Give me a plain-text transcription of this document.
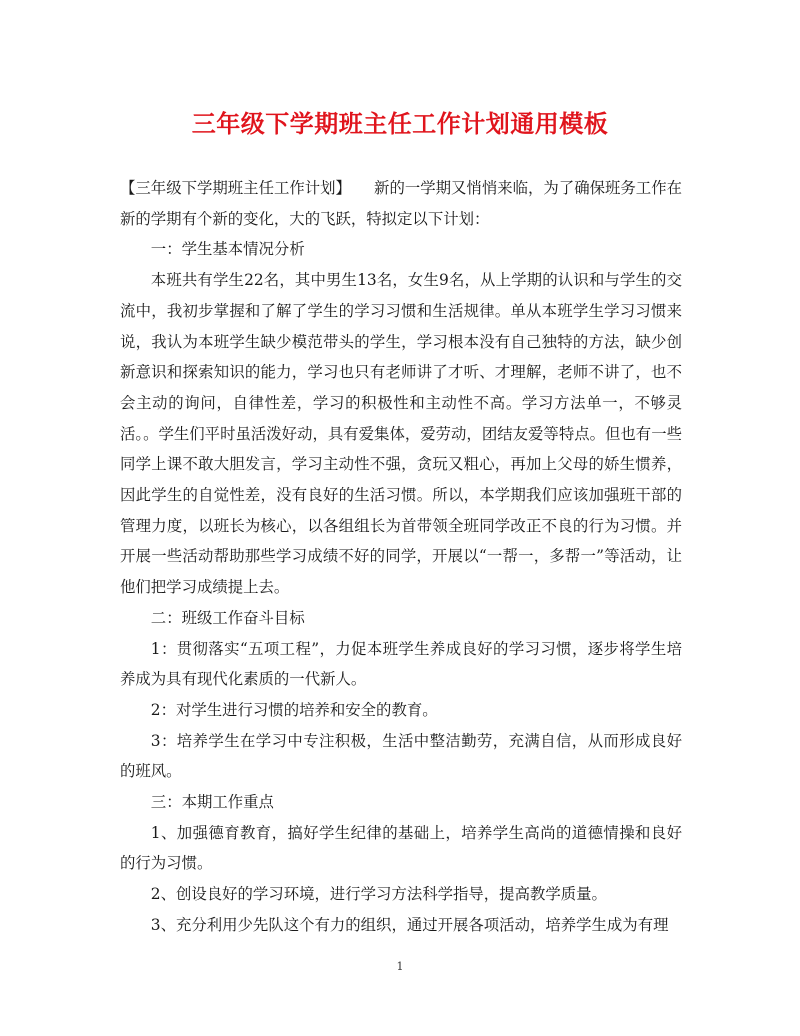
三年级下学期班主任工作计划通用模板

【三年级下学期班主任工作计划】　　新的一学期又悄悄来临，为了确保班务工作在新的学期有个新的变化，大的飞跃，特拟定以下计划：

一：学生基本情况分析

本班共有学生22名，其中男生13名，女生9名，从上学期的认识和与学生的交流中，我初步掌握和了解了学生的学习习惯和生活规律。单从本班学生学习习惯来说，我认为本班学生缺少模范带头的学生，学习根本没有自己独特的方法，缺少创新意识和探索知识的能力，学习也只有老师讲了才听、才理解，老师不讲了，也不会主动的询问，自律性差，学习的积极性和主动性不高。学习方法单一，不够灵活。。学生们平时虽活泼好动，具有爱集体，爱劳动，团结友爱等特点。但也有一些同学上课不敢大胆发言，学习主动性不强，贪玩又粗心，再加上父母的娇生惯养，因此学生的自觉性差，没有良好的生活习惯。所以，本学期我们应该加强班干部的管理力度，以班长为核心，以各组组长为首带领全班同学改正不良的行为习惯。并开展一些活动帮助那些学习成绩不好的同学，开展以“一帮一，多帮一”等活动，让他们把学习成绩提上去。

二：班级工作奋斗目标

1：贯彻落实“五项工程”，力促本班学生养成良好的学习习惯，逐步将学生培养成为具有现代化素质的一代新人。

2：对学生进行习惯的培养和安全的教育。

3：培养学生在学习中专注积极，生活中整洁勤劳，充满自信，从而形成良好的班风。

三：本期工作重点

1、加强德育教育，搞好学生纪律的基础上，培养学生高尚的道德情操和良好的行为习惯。

2、创设良好的学习环境，进行学习方法科学指导，提高教学质量。

3、充分利用少先队这个有力的组织，通过开展各项活动，培养学生成为有理

1
